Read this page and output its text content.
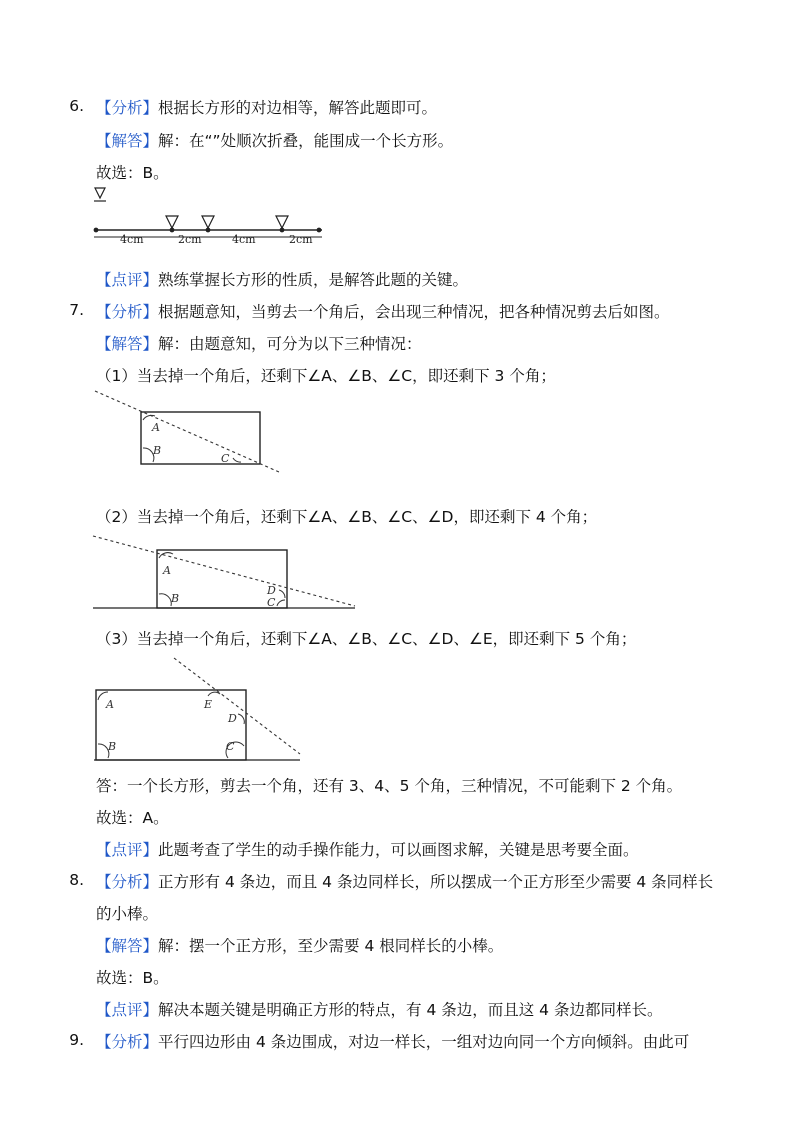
6. 【分析】根据长方形的对边相等，解答此题即可。
【解答】解：在“”处顺次折叠，能围成一个长方形。
故选：B。
4cm	2cm	4cm	2cm
【点评】熟练掌握长方形的性质，是解答此题的关键。
7. 【分析】根据题意知，当剪去一个角后，会出现三种情况，把各种情况剪去后如图。
【解答】解：由题意知，可分为以下三种情况：
（1）当去掉一个角后，还剩下∠A、∠B、∠C，即还剩下 3 个角；
A
B
C
（2）当去掉一个角后，还剩下∠A、∠B、∠C、∠D，即还剩下 4 个角；
A
B	C
D
（3）当去掉一个角后，还剩下∠A、∠B、∠C、∠D、∠E，即还剩下 5 个角；
A
B	C
D
E
答：一个长方形，剪去一个角，还有 3、4、5 个角，三种情况，不可能剩下 2 个角。
故选：A。
【点评】此题考查了学生的动手操作能力，可以画图求解，关键是思考要全面。
8. 【分析】正方形有 4 条边，而且 4 条边同样长，所以摆成一个正方形至少需要 4 条同样长
的小棒。
【解答】解：摆一个正方形，至少需要 4 根同样长的小棒。
故选：B。
【点评】解决本题关键是明确正方形的特点，有 4 条边，而且这 4 条边都同样长。
9. 【分析】平行四边形由 4 条边围成，对边一样长，一组对边向同一个方向倾斜。由此可
